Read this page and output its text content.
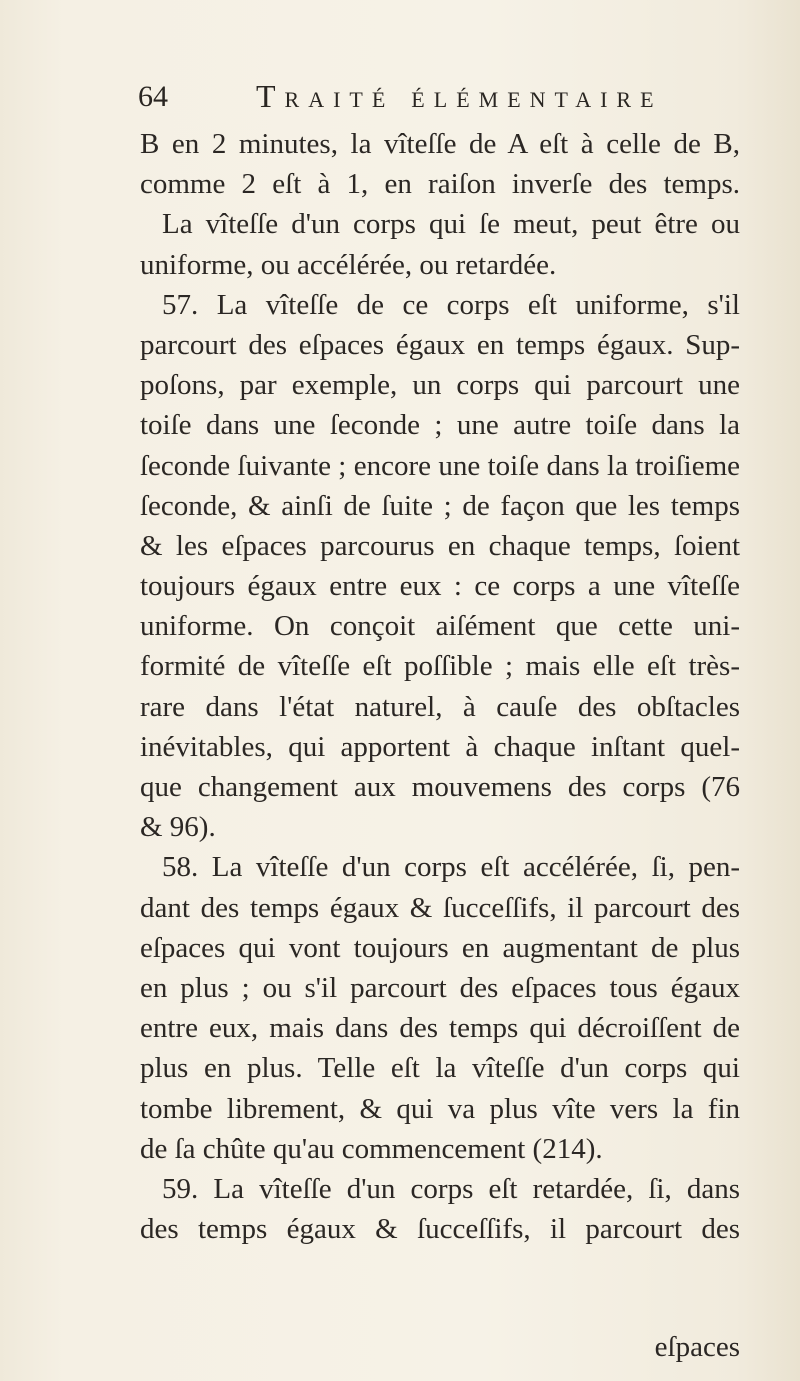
64	Traité élémentaire
B en 2 minutes, la vîteſſe de A eſt à celle de B,
comme 2 eſt à 1, en raiſon inverſe des temps.
La vîteſſe d'un corps qui ſe meut, peut être ou
uniforme, ou accélérée, ou retardée.
57. La vîteſſe de ce corps eſt uniforme, s'il
parcourt des eſpaces égaux en temps égaux. Sup-
poſons, par exemple, un corps qui parcourt une
toiſe dans une ſeconde ; une autre toiſe dans la
ſeconde ſuivante ; encore une toiſe dans la troiſieme
ſeconde, & ainſi de ſuite ; de façon que les temps
& les eſpaces parcourus en chaque temps, ſoient
toujours égaux entre eux : ce corps a une vîteſſe
uniforme. On conçoit aiſément que cette uni-
formité de vîteſſe eſt poſſible ; mais elle eſt très-
rare dans l'état naturel, à cauſe des obſtacles
inévitables, qui apportent à chaque inſtant quel-
que changement aux mouvemens des corps (76
& 96).
58. La vîteſſe d'un corps eſt accélérée, ſi, pen-
dant des temps égaux & ſucceſſifs, il parcourt des
eſpaces qui vont toujours en augmentant de plus
en plus ; ou s'il parcourt des eſpaces tous égaux
entre eux, mais dans des temps qui décroiſſent de
plus en plus. Telle eſt la vîteſſe d'un corps qui
tombe librement, & qui va plus vîte vers la fin
de ſa chûte qu'au commencement (214).
59. La vîteſſe d'un corps eſt retardée, ſi, dans
des temps égaux & ſucceſſifs, il parcourt des
eſpaces
